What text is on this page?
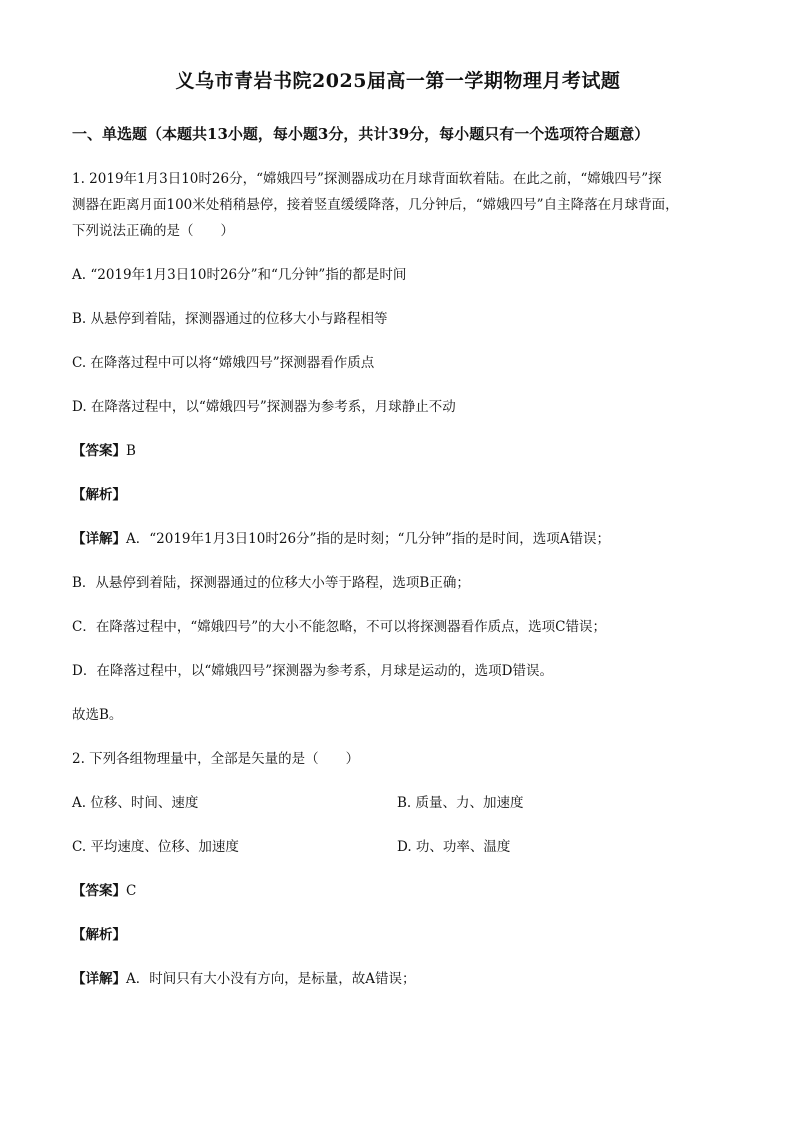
义乌市青岩书院2025届高一第一学期物理月考试题
一、单选题（本题共13小题，每小题3分，共计39分，每小题只有一个选项符合题意）
1. 2019年1月3日10时26分，“嫦娥四号”探测器成功在月球背面软着陆。在此之前，“嫦娥四号”探
测器在距离月面100米处稍稍悬停，接着竖直缓缓降落，几分钟后，“嫦娥四号”自主降落在月球背面，
下列说法正确的是（　　）
A. “2019年1月3日10时26分”和“几分钟”指的都是时间
B. 从悬停到着陆，探测器通过的位移大小与路程相等
C. 在降落过程中可以将“嫦娥四号”探测器看作质点
D. 在降落过程中，以“嫦娥四号”探测器为参考系，月球静止不动
【答案】B
【解析】
【详解】A．“2019年1月3日10时26分”指的是时刻；“几分钟”指的是时间，选项A错误；
B．从悬停到着陆，探测器通过的位移大小等于路程，选项B正确；
C．在降落过程中，“嫦娥四号”的大小不能忽略，不可以将探测器看作质点，选项C错误；
D．在降落过程中，以“嫦娥四号”探测器为参考系，月球是运动的，选项D错误。
故选B。
2. 下列各组物理量中，全部是矢量的是（　　）
A. 位移、时间、速度	B. 质量、力、加速度
C. 平均速度、位移、加速度	D. 功、功率、温度
【答案】C
【解析】
【详解】A．时间只有大小没有方向，是标量，故A错误；
